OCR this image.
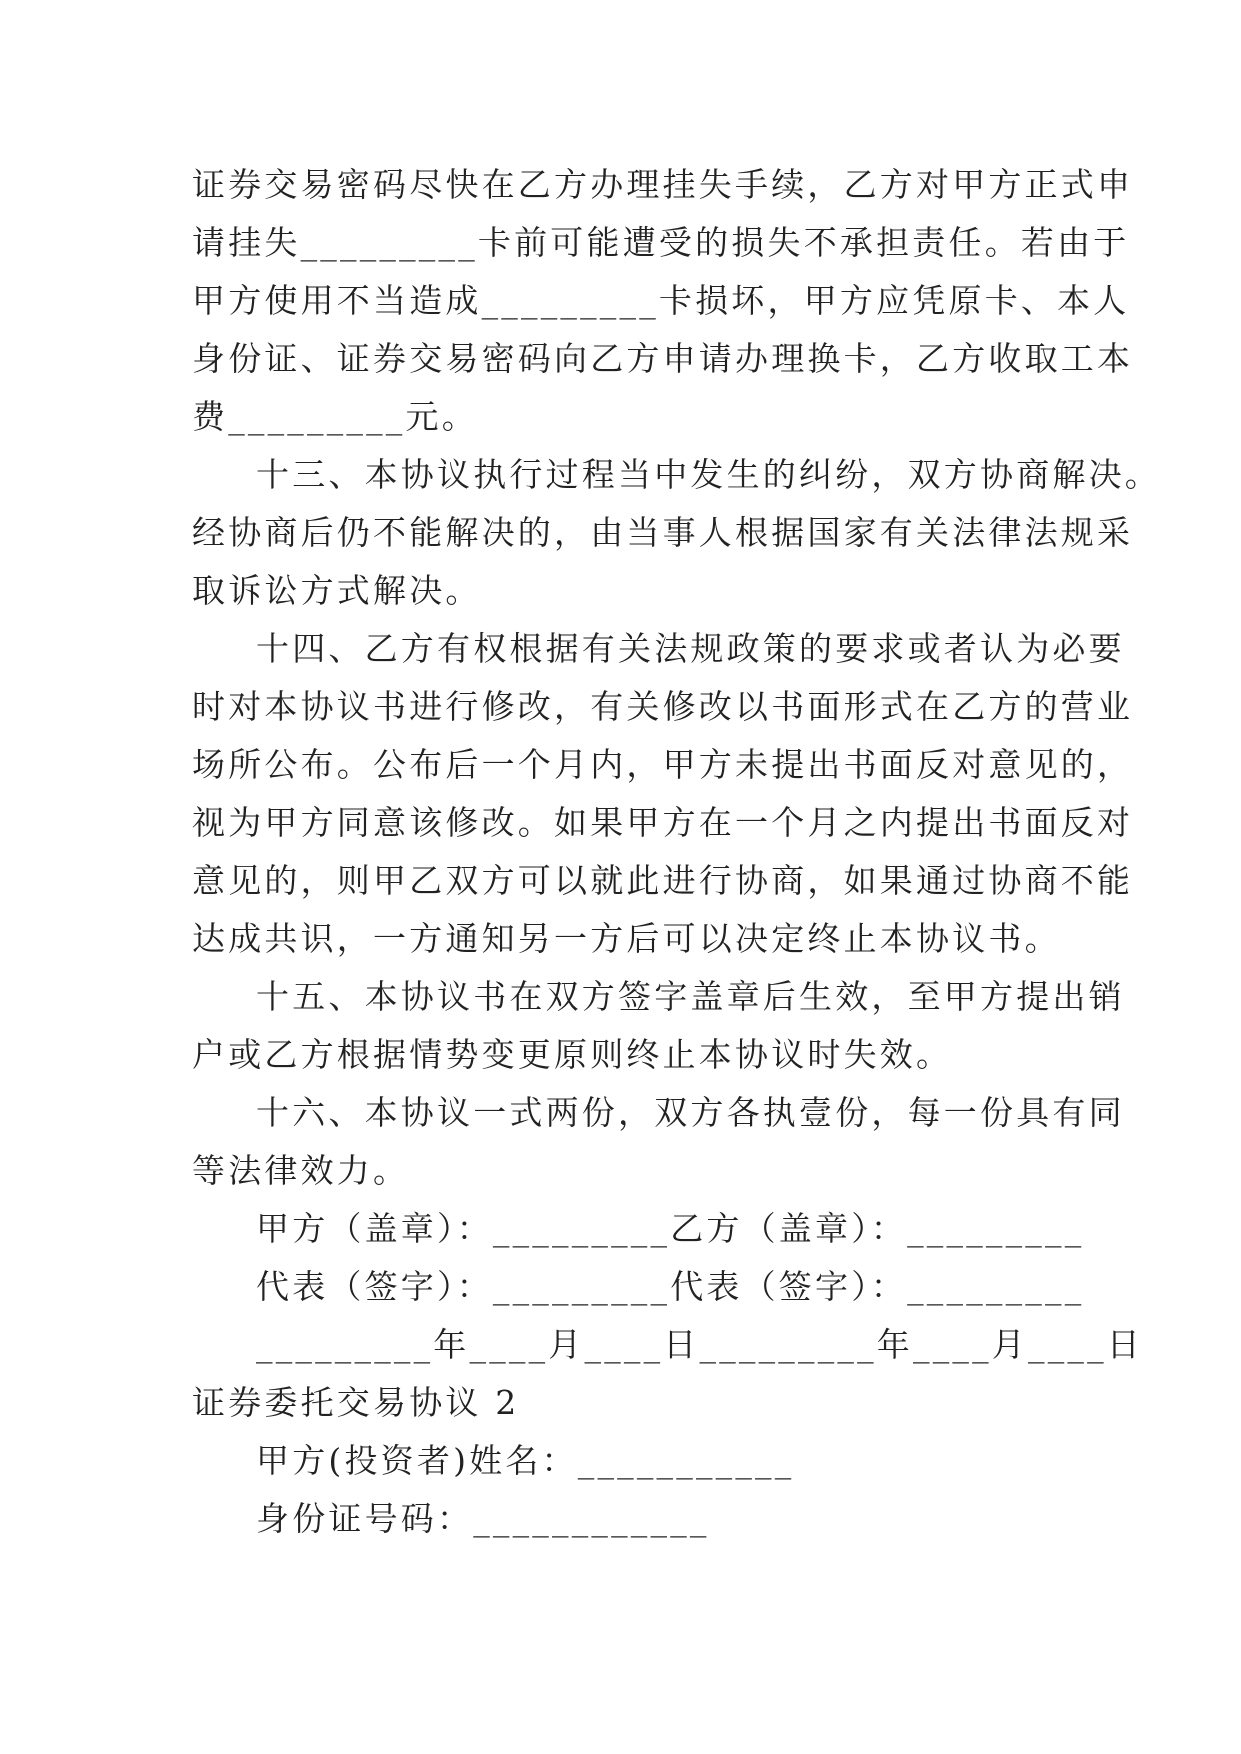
证券交易密码尽快在乙方办理挂失手续，乙方对甲方正式申
请挂失_________卡前可能遭受的损失不承担责任。若由于
甲方使用不当造成_________卡损坏，甲方应凭原卡、本人
身份证、证券交易密码向乙方申请办理换卡，乙方收取工本
费_________元。
十三、本协议执行过程当中发生的纠纷，双方协商解决。
经协商后仍不能解决的，由当事人根据国家有关法律法规采
取诉讼方式解决。
十四、乙方有权根据有关法规政策的要求或者认为必要
时对本协议书进行修改，有关修改以书面形式在乙方的营业
场所公布。公布后一个月内，甲方未提出书面反对意见的，
视为甲方同意该修改。如果甲方在一个月之内提出书面反对
意见的，则甲乙双方可以就此进行协商，如果通过协商不能
达成共识，一方通知另一方后可以决定终止本协议书。
十五、本协议书在双方签字盖章后生效，至甲方提出销
户或乙方根据情势变更原则终止本协议时失效。
十六、本协议一式两份，双方各执壹份，每一份具有同
等法律效力。
甲方（盖章）：_________乙方（盖章）：_________
代表（签字）：_________代表（签字）：_________
_________年____月____日_________年____月____日
证券委托交易协议 2
甲方(投资者)姓名：___________
身份证号码：____________
